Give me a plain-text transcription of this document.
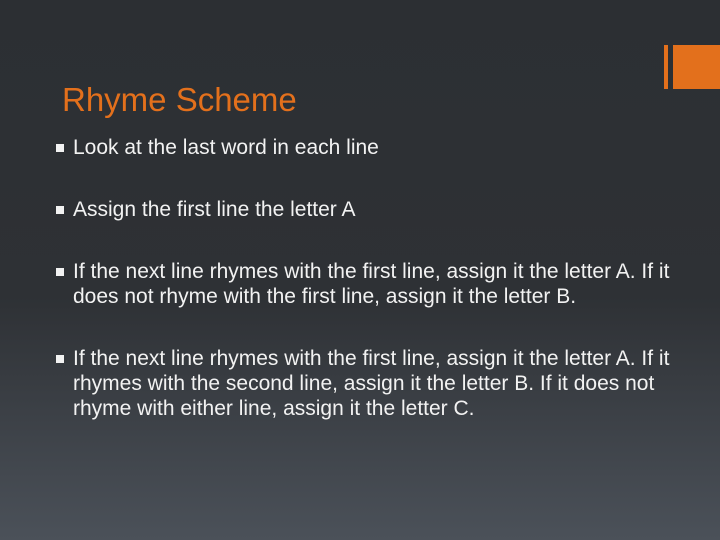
Rhyme Scheme
Look at the last word in each line
Assign the first line the letter A
If the next line rhymes with the first line, assign it the letter A. If it does not rhyme with the first line, assign it the letter B.
If the next line rhymes with the first line, assign it the letter A. If it rhymes with the second line, assign it the letter B. If it does not rhyme with either line, assign it the letter C.
